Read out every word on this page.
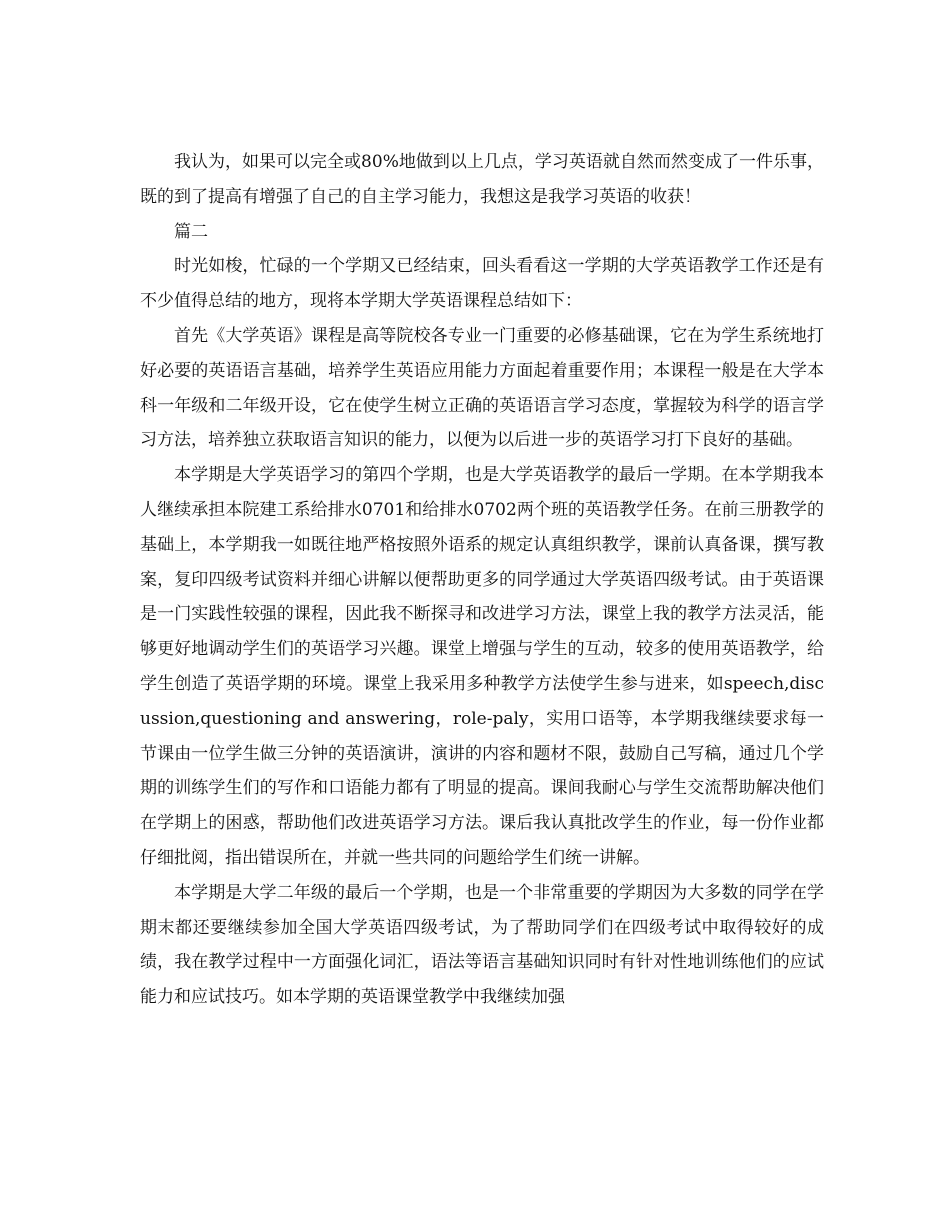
我认为，如果可以完全或80%地做到以上几点，学习英语就自然而然变成了一件乐事，既的到了提高有增强了自己的自主学习能力，我想这是我学习英语的收获！

篇二

时光如梭，忙碌的一个学期又已经结束，回头看看这一学期的大学英语教学工作还是有不少值得总结的地方，现将本学期大学英语课程总结如下：

首先《大学英语》课程是高等院校各专业一门重要的必修基础课，它在为学生系统地打好必要的英语语言基础，培养学生英语应用能力方面起着重要作用；本课程一般是在大学本科一年级和二年级开设，它在使学生树立正确的英语语言学习态度，掌握较为科学的语言学习方法，培养独立获取语言知识的能力，以便为以后进一步的英语学习打下良好的基础。

本学期是大学英语学习的第四个学期，也是大学英语教学的最后一学期。在本学期我本人继续承担本院建工系给排水0701和给排水0702两个班的英语教学任务。在前三册教学的基础上，本学期我一如既往地严格按照外语系的规定认真组织教学，课前认真备课，撰写教案，复印四级考试资料并细心讲解以便帮助更多的同学通过大学英语四级考试。由于英语课是一门实践性较强的课程，因此我不断探寻和改进学习方法，课堂上我的教学方法灵活，能够更好地调动学生们的英语学习兴趣。课堂上增强与学生的互动，较多的使用英语教学，给学生创造了英语学期的环境。课堂上我采用多种教学方法使学生参与进来，如speech,discussion,questioning and answering，role-paly，实用口语等，本学期我继续要求每一节课由一位学生做三分钟的英语演讲，演讲的内容和题材不限，鼓励自己写稿，通过几个学期的训练学生们的写作和口语能力都有了明显的提高。课间我耐心与学生交流帮助解决他们在学期上的困惑，帮助他们改进英语学习方法。课后我认真批改学生的作业，每一份作业都仔细批阅，指出错误所在，并就一些共同的问题给学生们统一讲解。

本学期是大学二年级的最后一个学期，也是一个非常重要的学期因为大多数的同学在学期末都还要继续参加全国大学英语四级考试，为了帮助同学们在四级考试中取得较好的成绩，我在教学过程中一方面强化词汇，语法等语言基础知识同时有针对性地训练他们的应试能力和应试技巧。如本学期的英语课堂教学中我继续加强
